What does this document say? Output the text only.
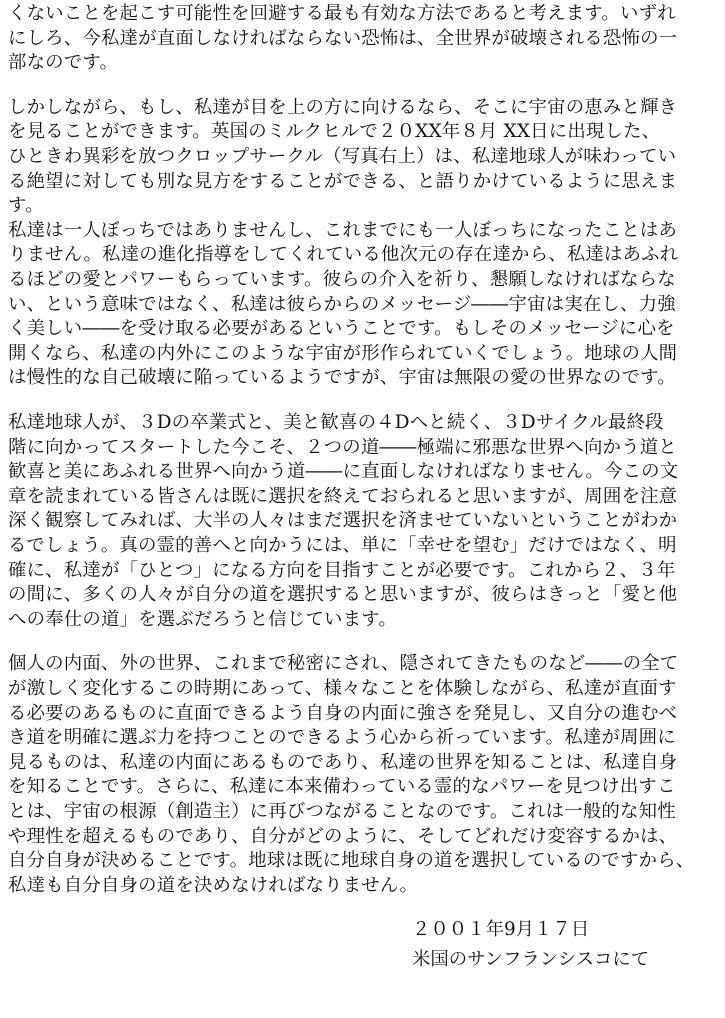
くないことを起こす可能性を回避する最も有効な方法であると考えます。いずれ
にしろ、今私達が直面しなければならない恐怖は、全世界が破壊される恐怖の一
部なのです。
しかしながら、もし、私達が目を上の方に向けるなら、そこに宇宙の恵みと輝き
を見ることができます。英国のミルクヒルで２０XX年８月 XX日に出現した、
ひときわ異彩を放つクロップサークル（写真右上）は、私達地球人が味わってい
る絶望に対しても別な見方をすることができる、と語りかけているように思えま
す。
私達は一人ぼっちではありませんし、これまでにも一人ぼっちになったことはあ
りません。私達の進化指導をしてくれている他次元の存在達から、私達はあふれ
るほどの愛とパワーもらっています。彼らの介入を祈り、懇願しなければならな
い、という意味ではなく、私達は彼らからのメッセージ――宇宙は実在し、力強
く美しい――を受け取る必要があるということです。もしそのメッセージに心を
開くなら、私達の内外にこのような宇宙が形作られていくでしょう。地球の人間
は慢性的な自己破壊に陥っているようですが、宇宙は無限の愛の世界なのです。
私達地球人が、３Dの卒業式と、美と歓喜の４Dへと続く、３Dサイクル最終段
階に向かってスタートした今こそ、２つの道――極端に邪悪な世界へ向かう道と
歓喜と美にあふれる世界へ向かう道――に直面しなければなりません。今この文
章を読まれている皆さんは既に選択を終えておられると思いますが、周囲を注意
深く観察してみれば、大半の人々はまだ選択を済ませていないということがわか
るでしょう。真の霊的善へと向かうには、単に「幸せを望む」だけではなく、明
確に、私達が「ひとつ」になる方向を目指すことが必要です。これから２、３年
の間に、多くの人々が自分の道を選択すると思いますが、彼らはきっと「愛と他
への奉仕の道」を選ぶだろうと信じています。
個人の内面、外の世界、これまで秘密にされ、隠されてきたものなど――の全て
が激しく変化するこの時期にあって、様々なことを体験しながら、私達が直面す
る必要のあるものに直面できるよう自身の内面に強さを発見し、又自分の進むべ
き道を明確に選ぶ力を持つことのできるよう心から祈っています。私達が周囲に
見るものは、私達の内面にあるものであり、私達の世界を知ることは、私達自身
を知ることです。さらに、私達に本来備わっている霊的なパワーを見つけ出すこ
とは、宇宙の根源（創造主）に再びつながることなのです。これは一般的な知性
や理性を超えるものであり、自分がどのように、そしてどれだけ変容するかは、
自分自身が決めることです。地球は既に地球自身の道を選択しているのですから、
私達も自分自身の道を決めなければなりません。
２００１年9月１７日
米国のサンフランシスコにて
